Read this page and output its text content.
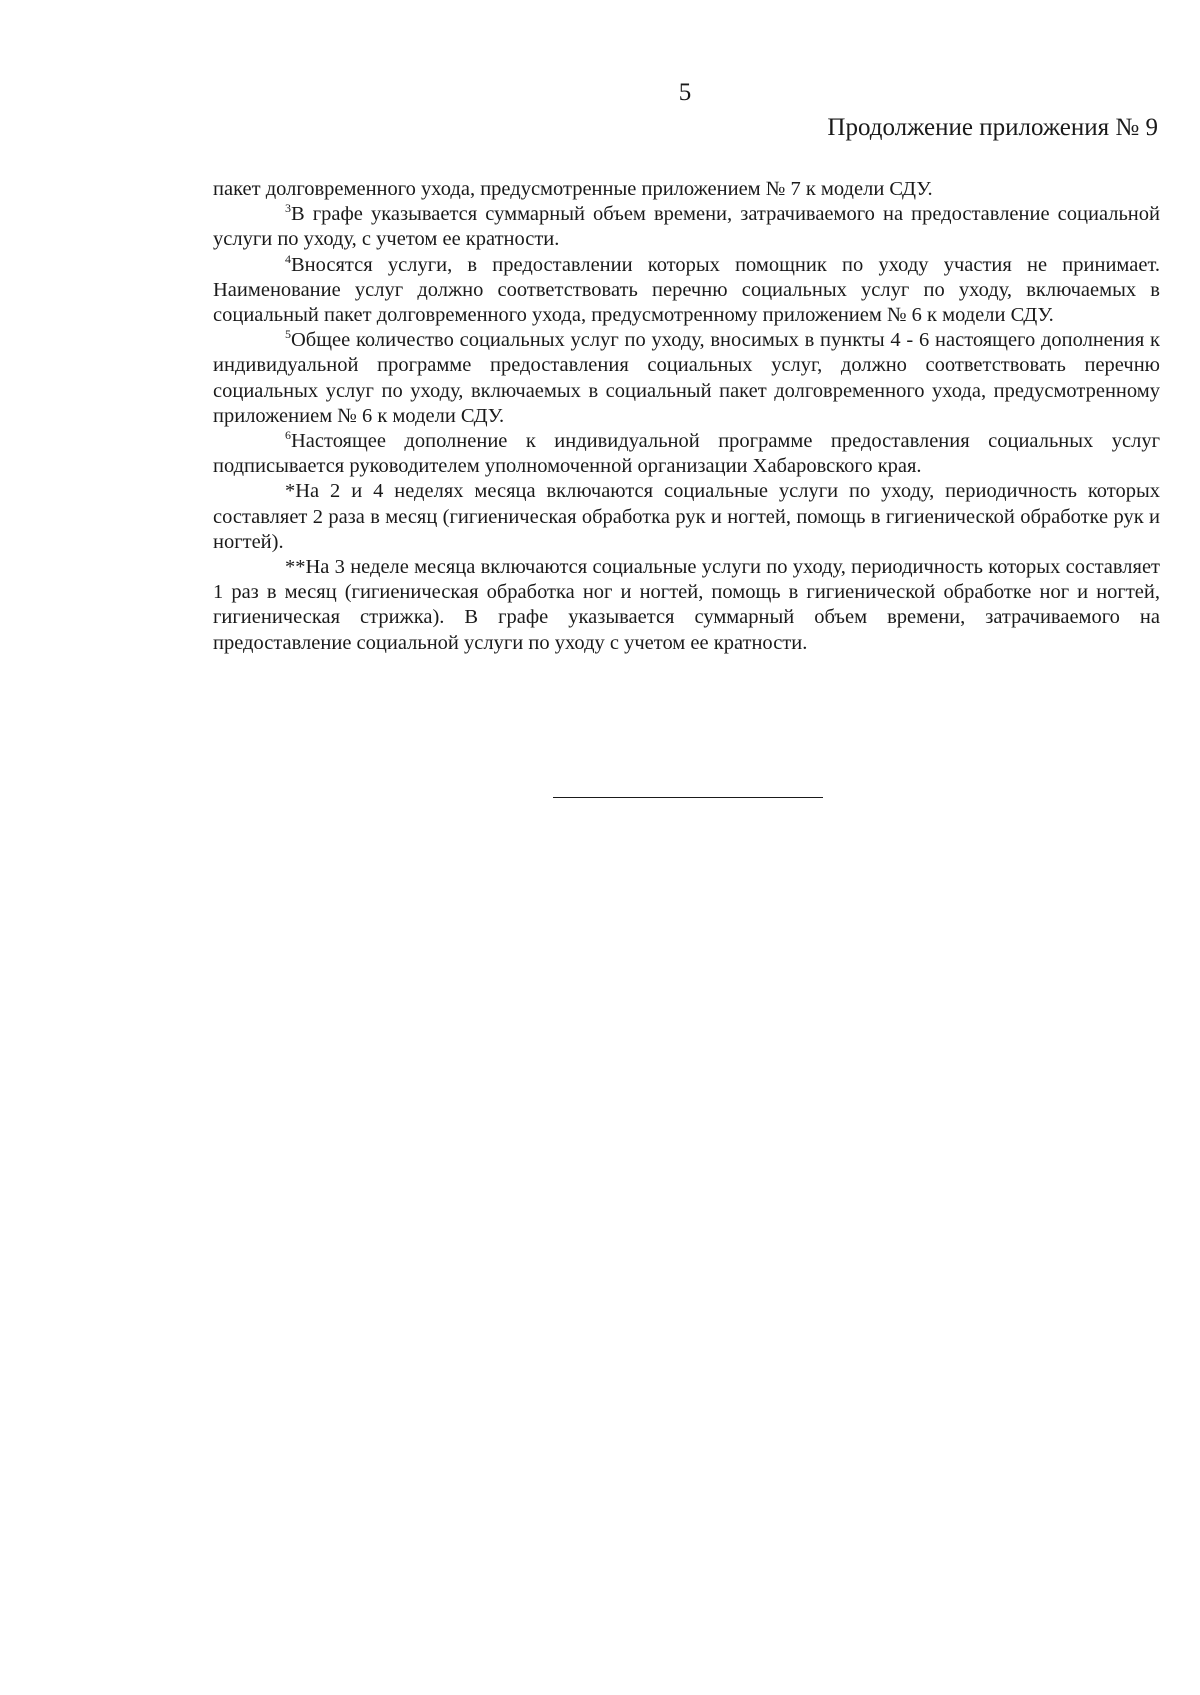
5
Продолжение приложения № 9

пакет долговременного ухода, предусмотренные приложением № 7 к модели СДУ.

$^3$В графе указывается суммарный объем времени, затрачиваемого на предоставление социальной услуги по уходу, с учетом ее кратности.

$^4$Вносятся услуги, в предоставлении которых помощник по уходу участия не принимает. Наименование услуг должно соответствовать перечню социальных услуг по уходу, включаемых в социальный пакет долговременного ухода, предусмотренному приложением № 6 к модели СДУ.

$^5$Общее количество социальных услуг по уходу, вносимых в пункты 4 - 6 настоящего дополнения к индивидуальной программе предоставления социальных услуг, должно соответствовать перечню социальных услуг по уходу, включаемых в социальный пакет долговременного ухода, предусмотренному приложением № 6 к модели СДУ.

$^6$Настоящее дополнение к индивидуальной программе предоставления социальных услуг подписывается руководителем уполномоченной организации Хабаровского края.

*На 2 и 4 неделях месяца включаются социальные услуги по уходу, периодичность которых составляет 2 раза в месяц (гигиеническая обработка рук и ногтей, помощь в гигиенической обработке рук и ногтей).

**На 3 неделе месяца включаются социальные услуги по уходу, периодичность которых составляет 1 раз в месяц (гигиеническая обработка ног и ногтей, помощь в гигиенической обработке ног и ногтей, гигиеническая стрижка). В графе указывается суммарный объем времени, затрачиваемого на предоставление социальной услуги по уходу с учетом ее кратности.
